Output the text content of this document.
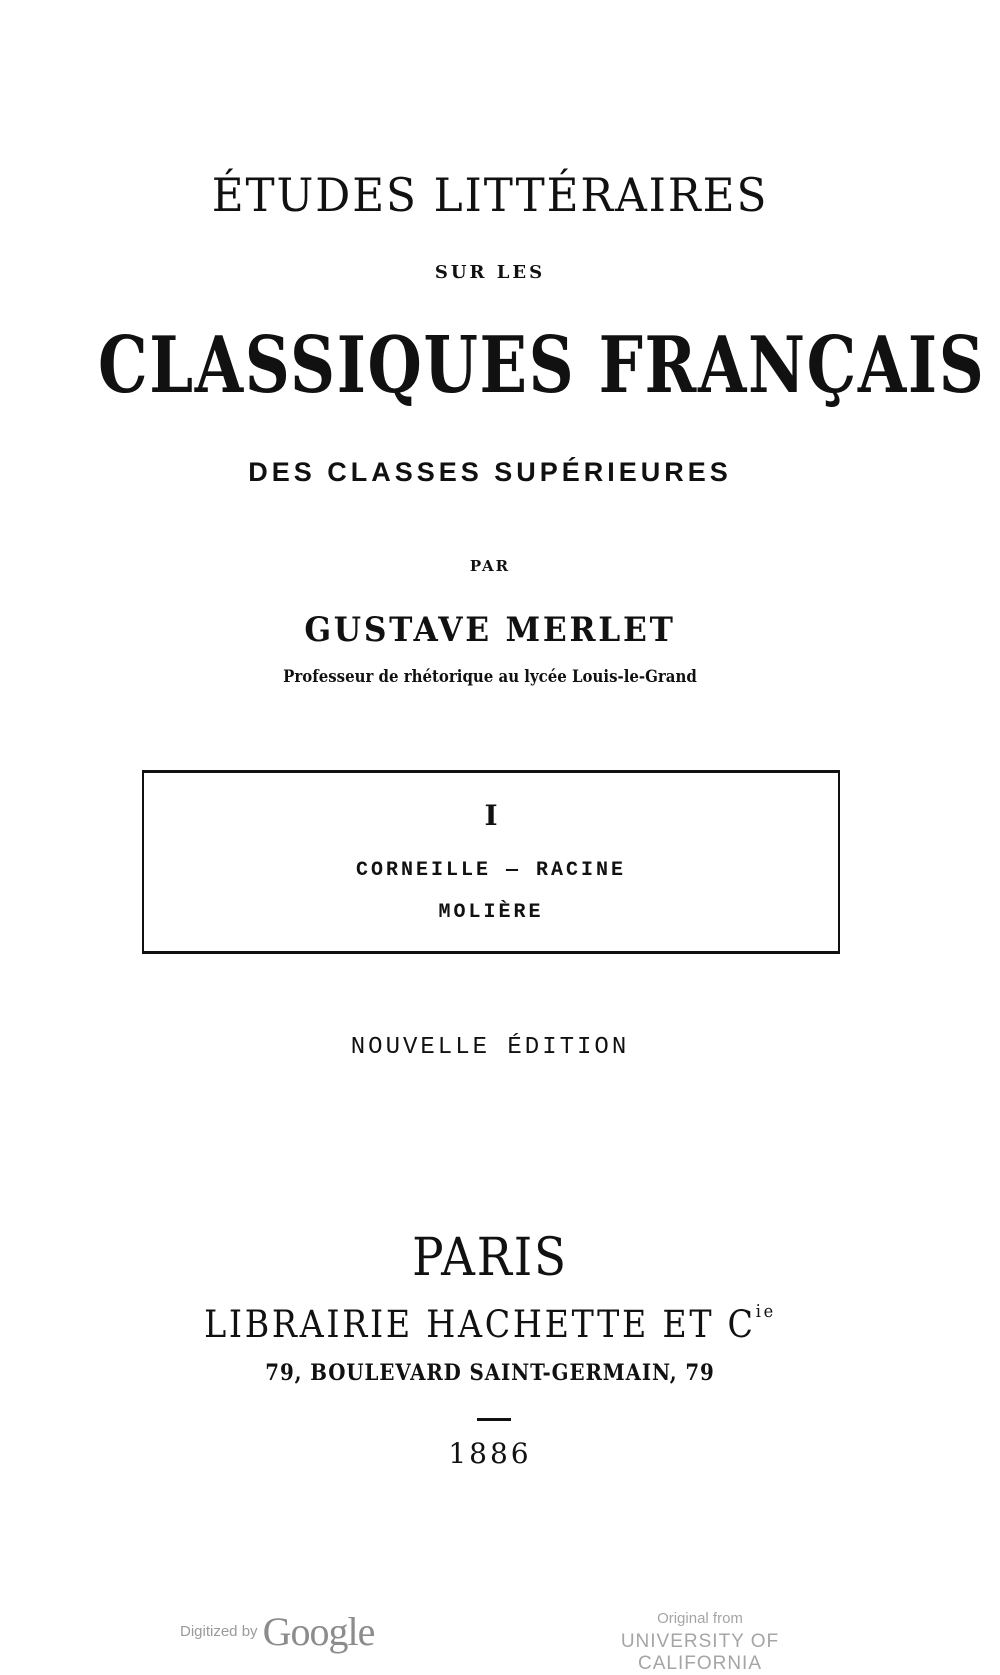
ÉTUDES LITTÉRAIRES
SUR LES
CLASSIQUES FRANÇAIS
DES CLASSES SUPÉRIEURES
PAR
GUSTAVE MERLET
Professeur de rhétorique au lycée Louis-le-Grand
I
CORNEILLE — RACINE
MOLIÈRE
NOUVELLE ÉDITION
PARIS
LIBRAIRIE HACHETTE ET $C^{ie}$
79, BOULEVARD SAINT-GERMAIN, 79
1886
Digitized by Google	Original from
UNIVERSITY OF CALIFORNIA
